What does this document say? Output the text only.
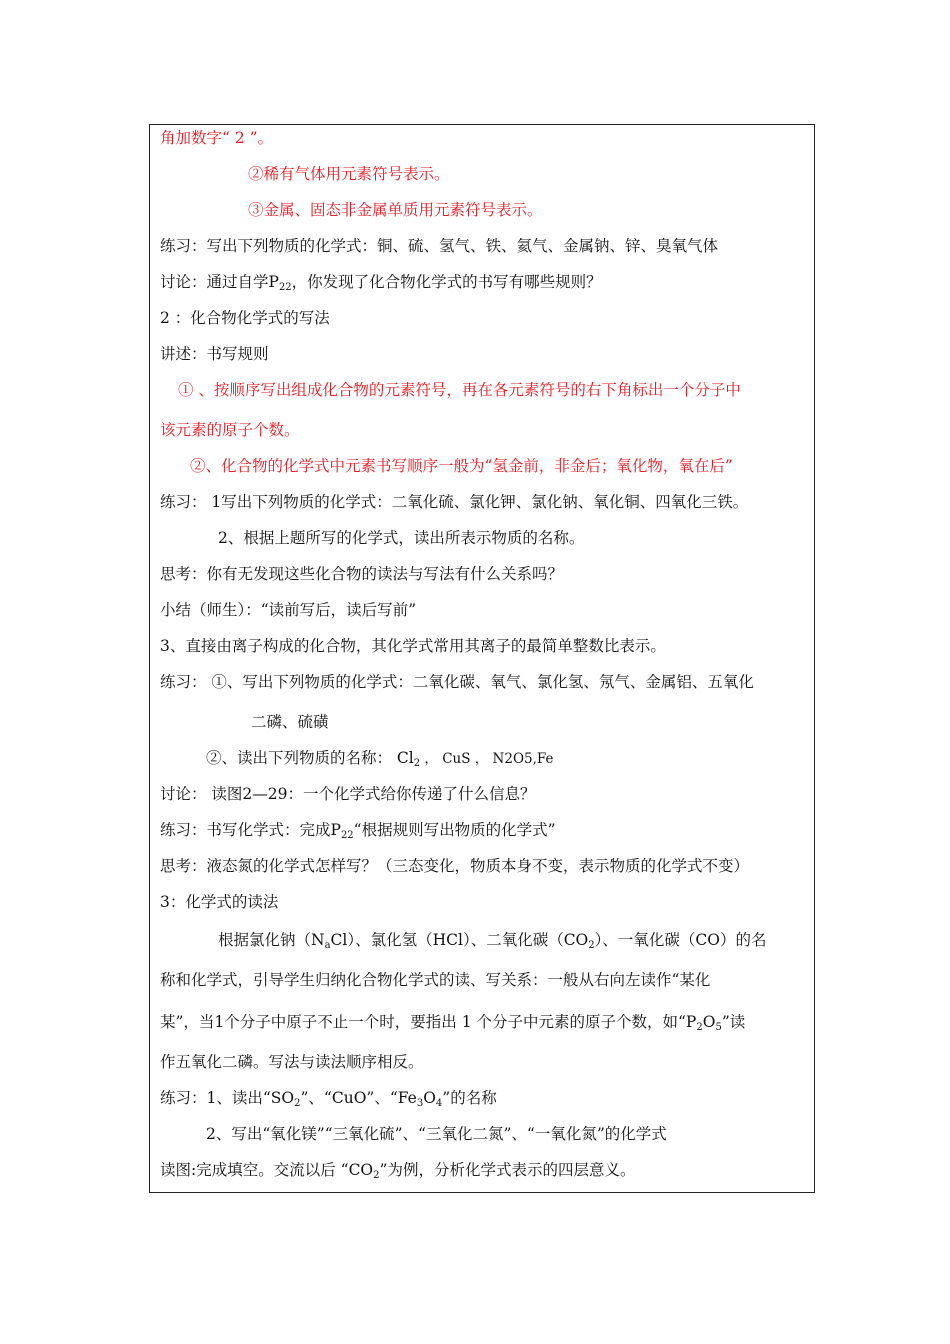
角加数字“ 2 ”。
②稀有气体用元素符号表示。
③金属、固态非金属单质用元素符号表示。
练习：写出下列物质的化学式：铜、硫、氢气、铁、氦气、金属钠、锌、臭氧气体
讨论：通过自学$P_{22}$，你发现了化合物化学式的书写有哪些规则？
2 ：化合物化学式的写法
讲述：书写规则
① 、按顺序写出组成化合物的元素符号，再在各元素符号的右下角标出一个分子中
该元素的原子个数。
②、化合物的化学式中元素书写顺序一般为“氢金前，非金后；氧化物，氧在后”
练习： 1写出下列物质的化学式：二氧化硫、氯化钾、氯化钠、氧化铜、四氧化三铁。
2、根据上题所写的化学式，读出所表示物质的名称。
思考：你有无发现这些化合物的读法与写法有什么关系吗？
小结（师生）：“读前写后，读后写前”
3、直接由离子构成的化合物，其化学式常用其离子的最简单整数比表示。
练习： ①、写出下列物质的化学式：二氧化碳、氧气、氯化氢、氖气、金属铝、五氧化
二磷、硫磺
②、读出下列物质的名称： $Cl_2$ ， CuS ， N2O5,Fe
讨论： 读图2—29：一个化学式给你传递了什么信息？
练习：书写化学式：完成$P_{22}“$根据规则写出物质的化学式”
思考：液态氮的化学式怎样写？（三态变化，物质本身不变，表示物质的化学式不变）
3：化学式的读法
根据氯化钠$(N_aCl)$、氯化氢（HCl）、二氧化碳$(CO_2)$、一氧化碳（CO）的名
称和化学式，引导学生归纳化合物化学式的读、写关系：一般从右向左读作“某化
某”，当1个分子中原子不止一个时，要指出 1 个分子中元素的原子个数，如“$P_2O_5$”读
作五氧化二磷。写法与读法顺序相反。
练习：1、读出“$SO_2$”、“CuO”、“$Fe_3O_4$”的名称
2、写出“氧化镁”“三氧化硫”、“三氧化二氮”、“一氧化氮”的化学式
读图:完成填空。交流以后 “$CO_2$”为例，分析化学式表示的四层意义。
